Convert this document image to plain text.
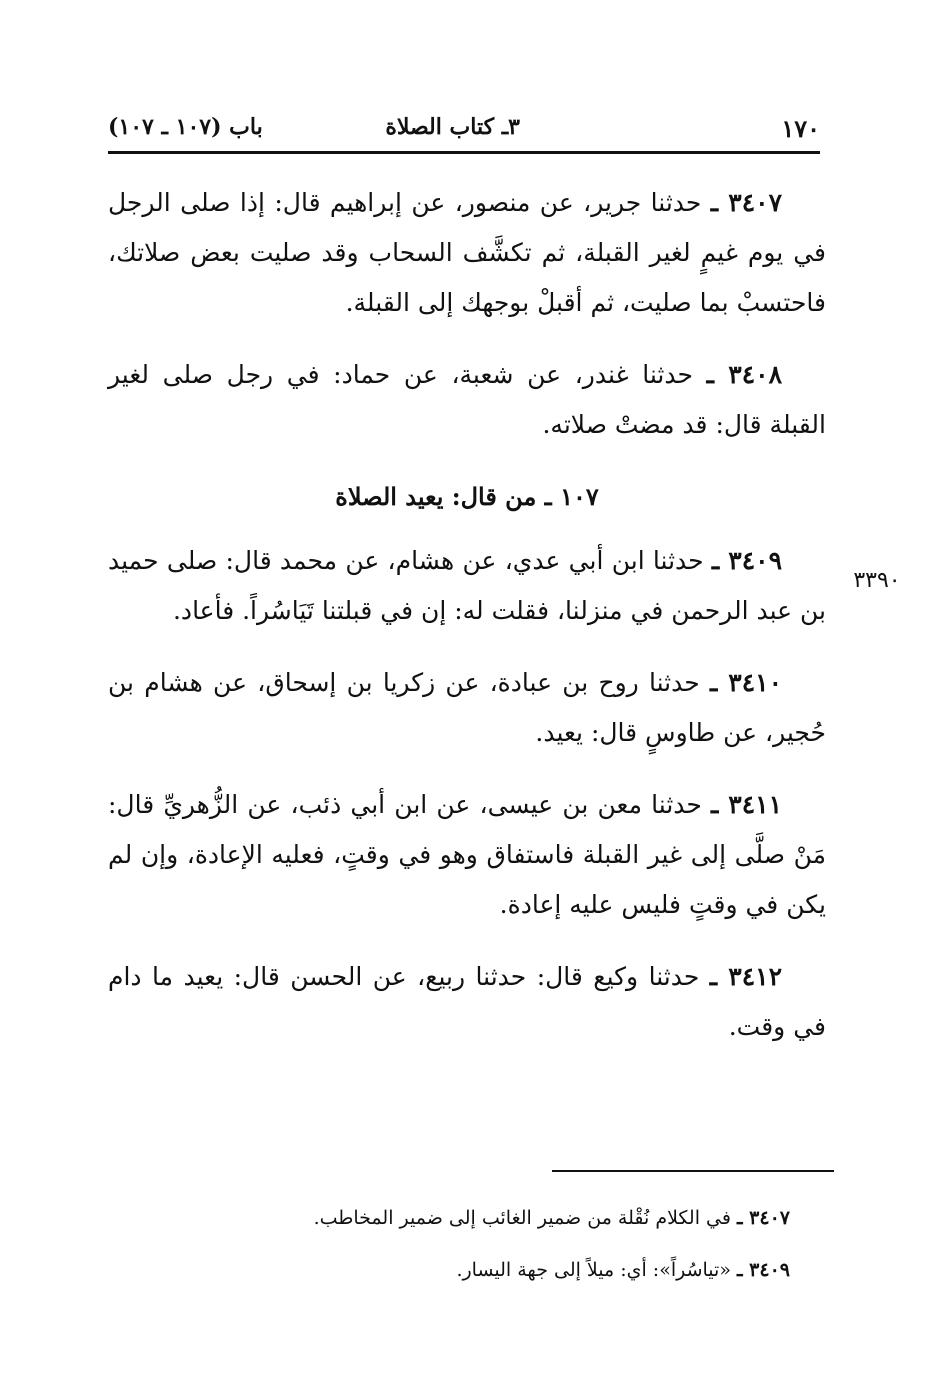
١٧٠
٣ـ كتاب الصلاة
باب (١٠٧ ـ ١٠٧)
٣٣٩٠

٣٤٠٧ ـ حدثنا جرير، عن منصور، عن إبراهيم قال: إذا صلى الرجل في يوم غيمٍ لغير القبلة، ثم تكشَّف السحاب وقد صليت بعض صلاتك، فاحتسبْ بما صليت، ثم أقبلْ بوجهك إلى القبلة.

٣٤٠٨ ـ حدثنا غندر، عن شعبة، عن حماد: في رجل صلى لغير القبلة قال: قد مضتْ صلاته.

١٠٧ ـ من قال: يعيد الصلاة

٣٤٠٩ ـ حدثنا ابن أبي عدي، عن هشام، عن محمد قال: صلى حميد بن عبد الرحمن في منزلنا، فقلت له: إن في قبلتنا تَيَاسُراً. فأعاد.

٣٤١٠ ـ حدثنا روح بن عبادة، عن زكريا بن إسحاق، عن هشام بن حُجير، عن طاوسٍ قال: يعيد.

٣٤١١ ـ حدثنا معن بن عيسى، عن ابن أبي ذئب، عن الزُّهريِّ قال: مَنْ صلَّى إلى غير القبلة فاستفاق وهو في وقتٍ، فعليه الإعادة، وإن لم يكن في وقتٍ فليس عليه إعادة.

٣٤١٢ ـ حدثنا وكيع قال: حدثنا ربيع، عن الحسن قال: يعيد ما دام في وقت.

٣٤٠٧ ـ في الكلام نُقْلة من ضمير الغائب إلى ضمير المخاطب.
٣٤٠٩ ـ «تياسُراً»: أي: ميلاً إلى جهة اليسار.
